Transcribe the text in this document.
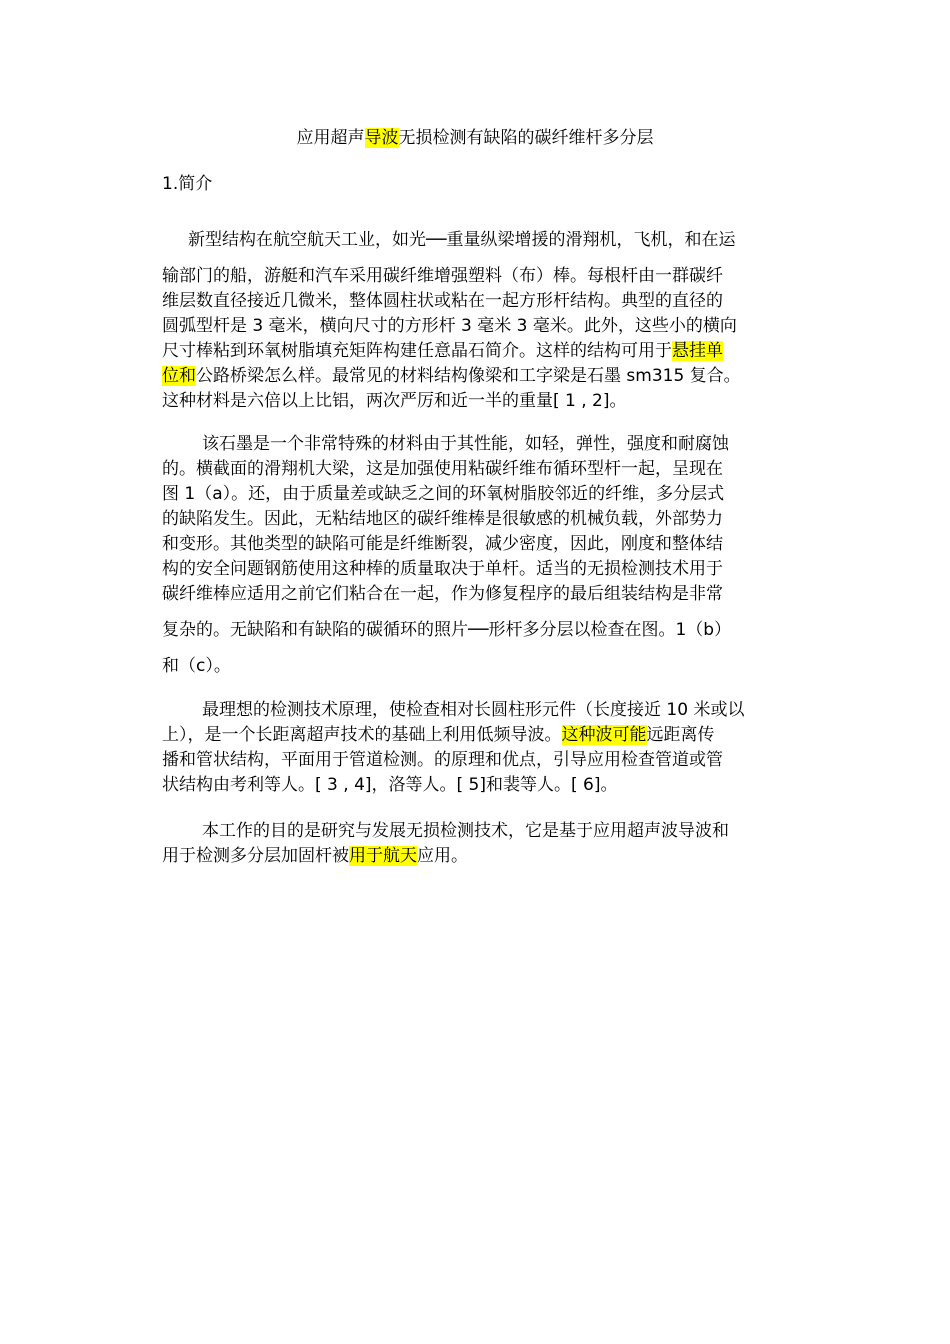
应用超声导波无损检测有缺陷的碳纤维杆多分层
1.简介
新型结构在航空航天工业，如光──重量纵梁增援的滑翔机，飞机，和在运
输部门的船，游艇和汽车采用碳纤维增强塑料（布）棒。每根杆由一群碳纤
维层数直径接近几微米，整体圆柱状或粘在一起方形杆结构。典型的直径的
圆弧型杆是 3 毫米，横向尺寸的方形杆 3 毫米 3 毫米。此外，这些小的横向
尺寸棒粘到环氧树脂填充矩阵构建任意晶石简介。这样的结构可用于悬挂单
位和公路桥梁怎么样。最常见的材料结构像梁和工字梁是石墨 sm315 复合。
这种材料是六倍以上比铝，两次严厉和近一半的重量[ 1 , 2]。
该石墨是一个非常特殊的材料由于其性能，如轻，弹性，强度和耐腐蚀
的。横截面的滑翔机大梁，这是加强使用粘碳纤维布循环型杆一起，呈现在
图 1（a）。还，由于质量差或缺乏之间的环氧树脂胶邻近的纤维，多分层式
的缺陷发生。因此，无粘结地区的碳纤维棒是很敏感的机械负载，外部势力
和变形。其他类型的缺陷可能是纤维断裂，减少密度，因此，刚度和整体结
构的安全问题钢筋使用这种棒的质量取决于单杆。适当的无损检测技术用于
碳纤维棒应适用之前它们粘合在一起，作为修复程序的最后组装结构是非常
复杂的。无缺陷和有缺陷的碳循环的照片──形杆多分层以检查在图。1（b）
和（c）。
最理想的检测技术原理，使检查相对长圆柱形元件（长度接近 10 米或以
上），是一个长距离超声技术的基础上利用低频导波。这种波可能远距离传
播和管状结构，平面用于管道检测。的原理和优点，引导应用检查管道或管
状结构由考利等人。[ 3 , 4]，洛等人。[ 5]和裴等人。[ 6]。
本工作的目的是研究与发展无损检测技术，它是基于应用超声波导波和
用于检测多分层加固杆被用于航天应用。
